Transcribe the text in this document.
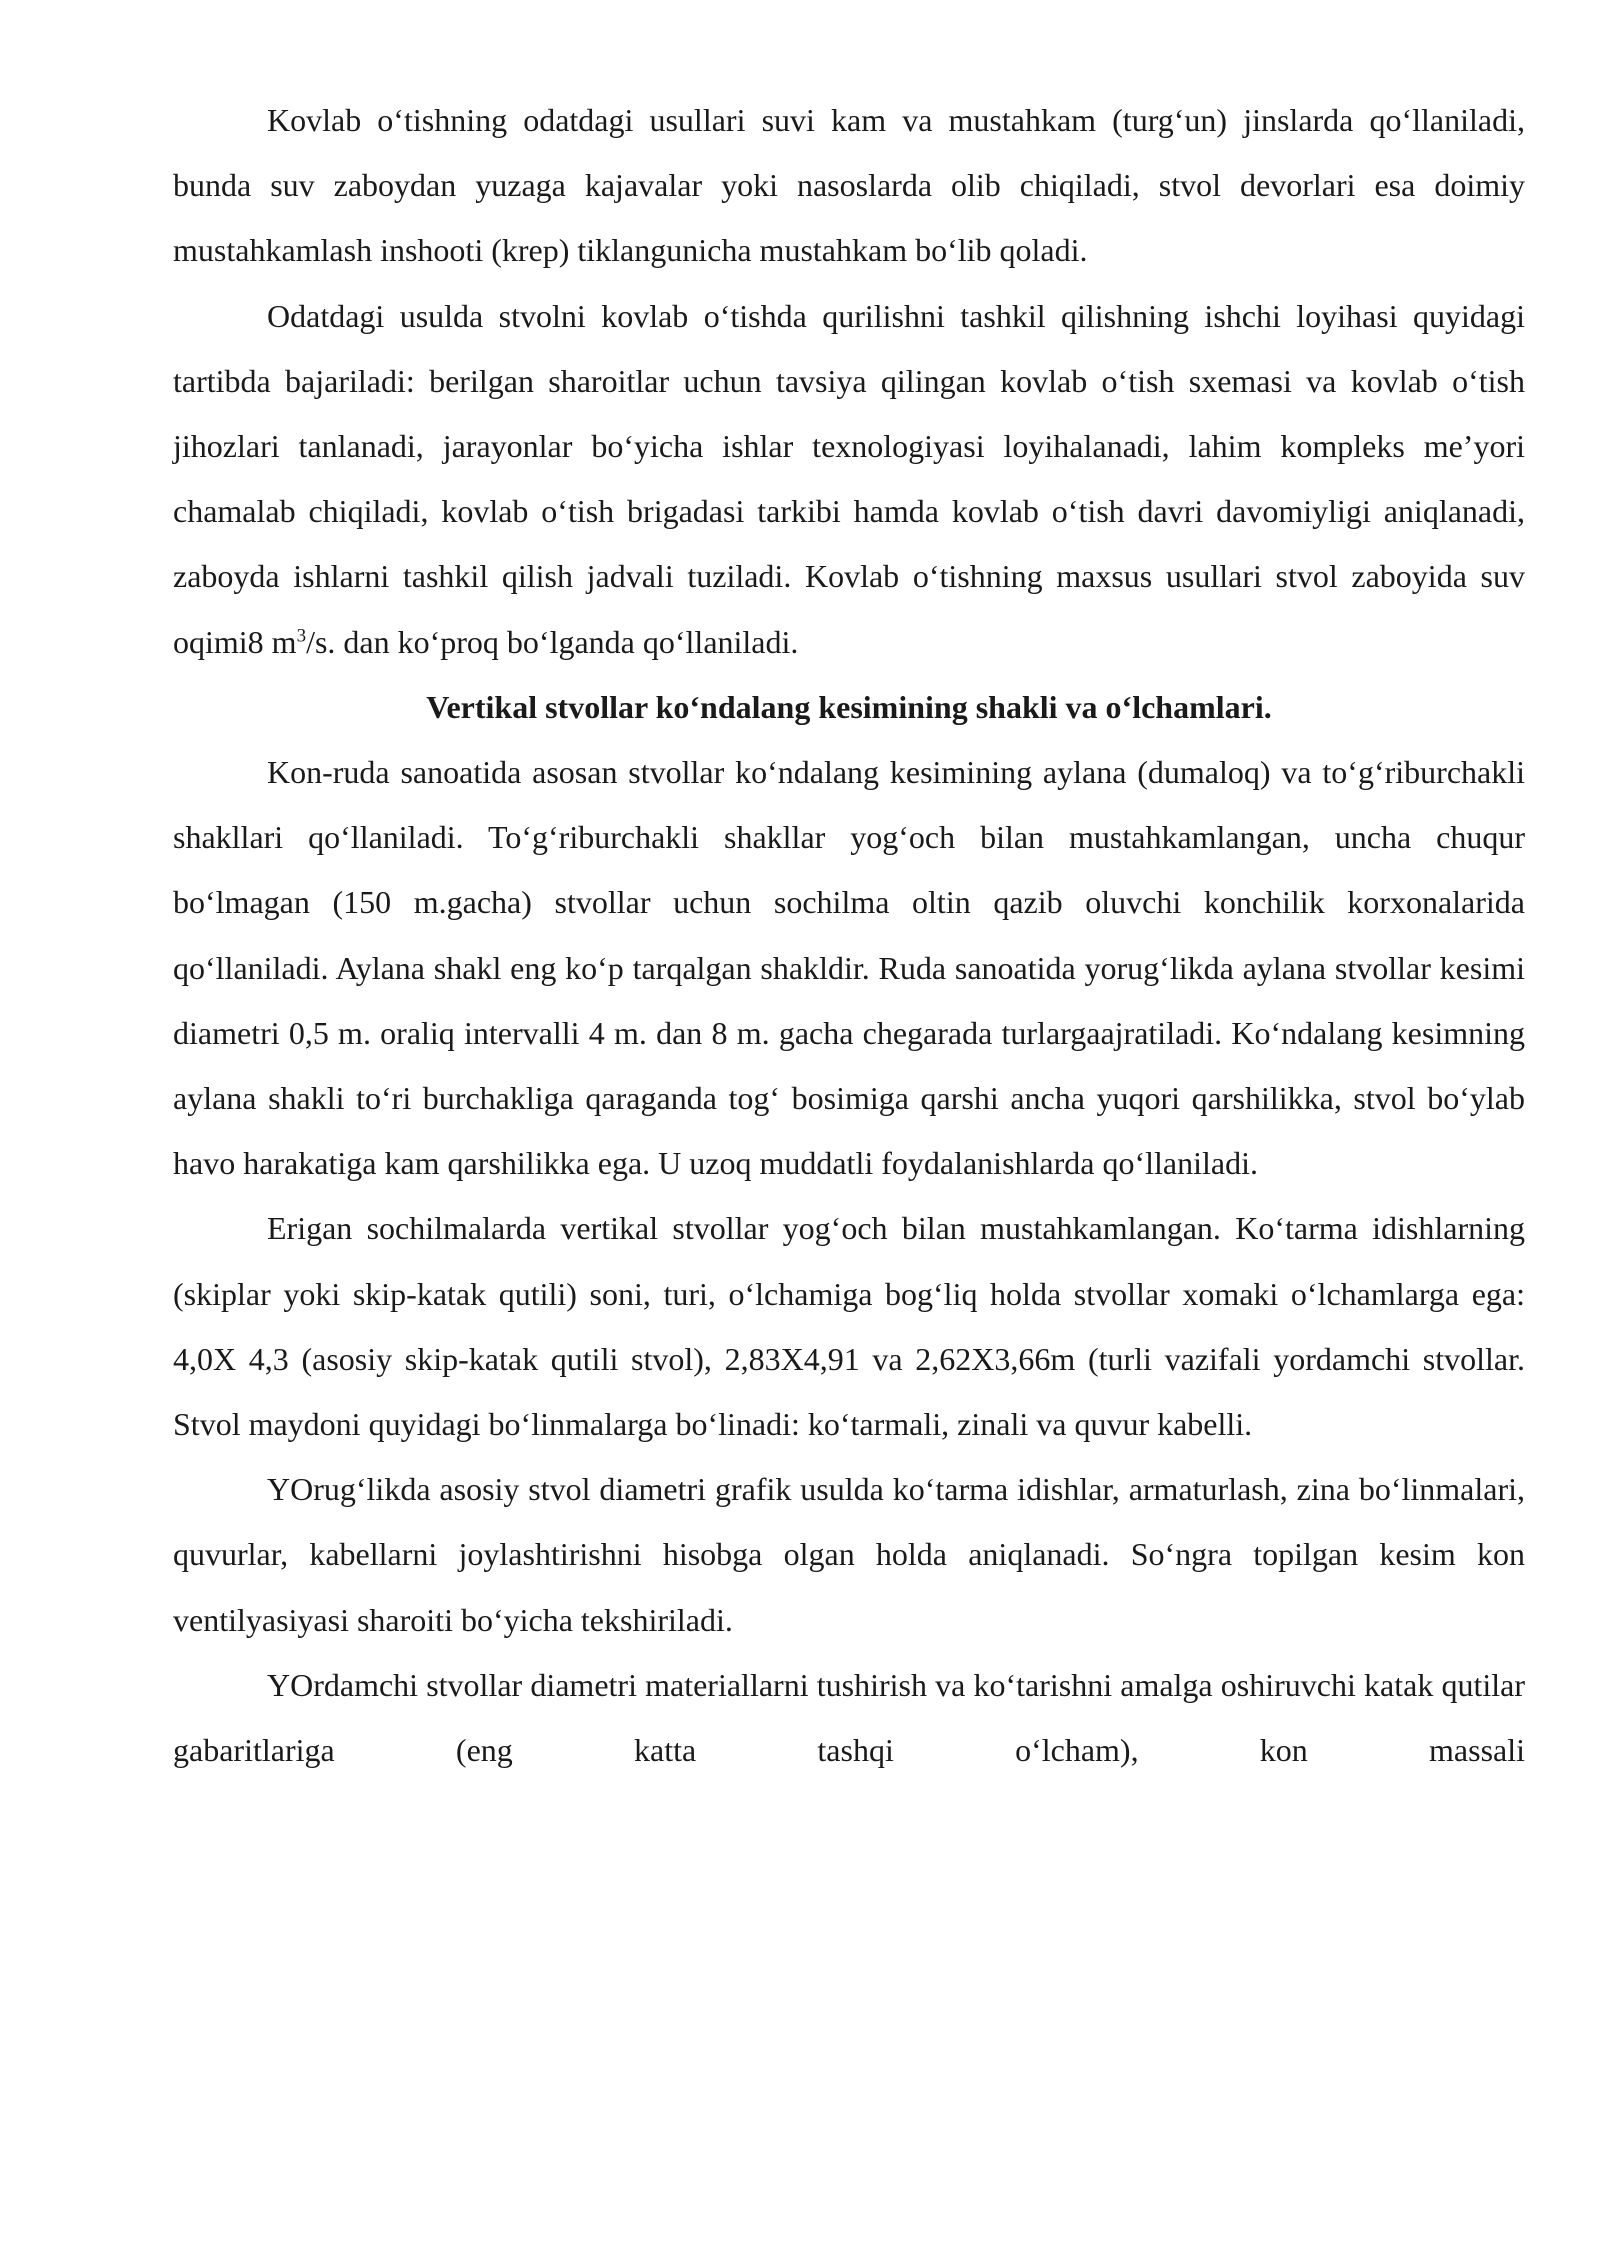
Kovlab o‘tishning odatdagi usullari suvi kam va mustahkam (turg‘un) jinslarda qo‘llaniladi, bunda suv zaboydan yuzaga kajavalar yoki nasoslarda olib chiqiladi, stvol devorlari esa doimiy mustahkamlash inshooti (krep) tiklangunicha mustahkam bo‘lib qoladi.

Odatdagi usulda stvolni kovlab o‘tishda qurilishni tashkil qilishning ishchi loyihasi quyidagi tartibda bajariladi: berilgan sharoitlar uchun tavsiya qilingan kovlab o‘tish sxemasi va kovlab o‘tish jihozlari tanlanadi, jarayonlar bo‘yicha ishlar texnologiyasi loyihalanadi, lahim kompleks me’yori chamalab chiqiladi, kovlab o‘tish brigadasi tarkibi hamda kovlab o‘tish davri davomiyligi aniqlanadi, zaboyda ishlarni tashkil qilish jadvali tuziladi. Kovlab o‘tishning maxsus usullari stvol zaboyida suv oqimi8 $m^3/s$. dan ko‘proq bo‘lganda qo‘llaniladi.

Vertikal stvollar ko‘ndalang kesimining shakli va o‘lchamlari.

Kon-ruda sanoatida asosan stvollar ko‘ndalang kesimining aylana (dumaloq) va to‘g‘riburchakli shakllari qo‘llaniladi. To‘g‘riburchakli shakllar yog‘och bilan mustahkamlangan, uncha chuqur bo‘lmagan (150 m.gacha) stvollar uchun sochilma oltin qazib oluvchi konchilik korxonalarida qo‘llaniladi. Aylana shakl eng ko‘p tarqalgan shakldir. Ruda sanoatida yorug‘likda aylana stvollar kesimi diametri 0,5 m. oraliq intervalli 4 m. dan 8 m. gacha chegarada turlargaajratiladi. Ko‘ndalang kesimning aylana shakli to‘ri burchakliga qaraganda tog‘ bosimiga qarshi ancha yuqori qarshilikka, stvol bo‘ylab havo harakatiga kam qarshilikka ega. U uzoq muddatli foydalanishlarda qo‘llaniladi.

Erigan sochilmalarda vertikal stvollar yog‘och bilan mustahkamlangan. Ko‘tarma idishlarning (skiplar yoki skip-katak qutili) soni, turi, o‘lchamiga bog‘liq holda stvollar xomaki o‘lchamlarga ega: 4,0X 4,3 (asosiy skip-katak qutili stvol), 2,83X4,91 va 2,62X3,66m (turli vazifali yordamchi stvollar. Stvol maydoni quyidagi bo‘linmalarga bo‘linadi: ko‘tarmali, zinali va quvur kabelli.

YOrug‘likda asosiy stvol diametri grafik usulda ko‘tarma idishlar, armaturlash, zina bo‘linmalari, quvurlar, kabellarni joylashtirishni hisobga olgan holda aniqlanadi. So‘ngra topilgan kesim kon ventilyasiyasi sharoiti bo‘yicha tekshiriladi.

YOrdamchi stvollar diametri materiallarni tushirish va ko‘tarishni amalga oshiruvchi katak qutilar gabaritlariga (eng katta tashqi o‘lcham), kon massali
